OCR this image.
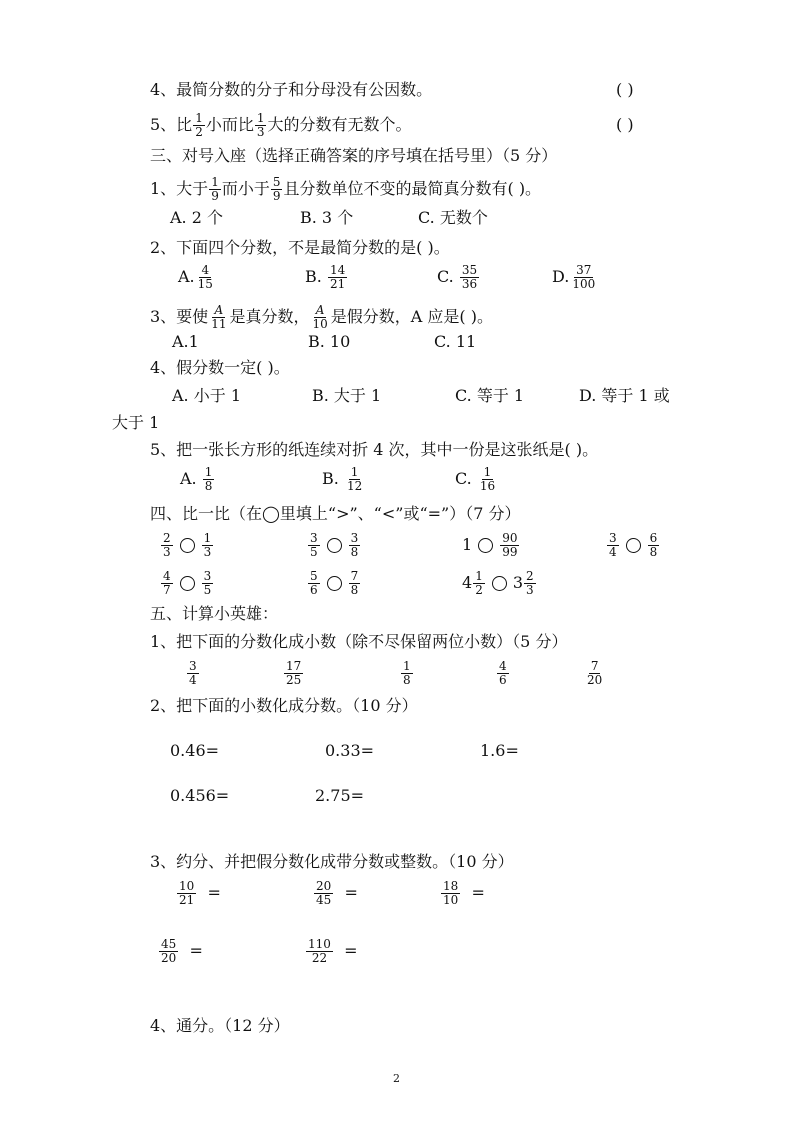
4、最简分数的分子和分母没有公因数。	( )
5、比 $\frac{1}{2}$ 小而比 $\frac{1}{3}$ 大的分数有无数个。	( )
三、对号入座（选择正确答案的序号填在括号里）（5 分）
1、大于 $\frac{1}{9}$ 而小于 $\frac{5}{9}$ 且分数单位不变的最简真分数有( )。
A. 2 个	B. 3 个	C. 无数个
2、下面四个分数，不是最简分数的是( )。
A. $\frac{4}{15}$	B. $\frac{14}{21}$	C. $\frac{35}{36}$	D. $\frac{37}{100}$
3、要使 $\frac{A}{11}$ 是真分数， $\frac{A}{10}$ 是假分数，A 应是( )。
A.1	B. 10	C. 11
4、假分数一定( )。
A. 小于 1	B. 大于 1	C. 等于 1	D. 等于 1 或
大于 1
5、把一张长方形的纸连续对折 4 次，其中一份是这张纸是( )。
A. $\frac{1}{8}$	B. $\frac{1}{12}$	C. $\frac{1}{16}$
四、比一比（在◯里填上“>”、“<”或“=”）（7 分）
$\frac{2}{3} \frac{1}{3}$	$\frac{3}{5} \frac{3}{8}$	$1 \frac{90}{99}$	$\frac{3}{4} \frac{6}{8}$
$\frac{4}{7} \frac{3}{5}$	$\frac{5}{6} \frac{7}{8}$	$4 \frac{1}{2} 3 \frac{2}{3}$
五、计算小英雄：
1、把下面的分数化成小数（除不尽保留两位小数）（5 分）
$\frac{3}{4}$	$\frac{17}{25}$	$\frac{1}{8}$	$\frac{4}{6}$	$\frac{7}{20}$
2、把下面的小数化成分数。（10 分）
0.46=	0.33=	1.6=
0.456=	2.75=
3、约分、并把假分数化成带分数或整数。（10 分）
$\frac{10}{21}$ =	$\frac{20}{45}$ =	$\frac{18}{10}$ =
$\frac{45}{20}$ =	$\frac{110}{22}$ =
4、通分。（12 分）
2
